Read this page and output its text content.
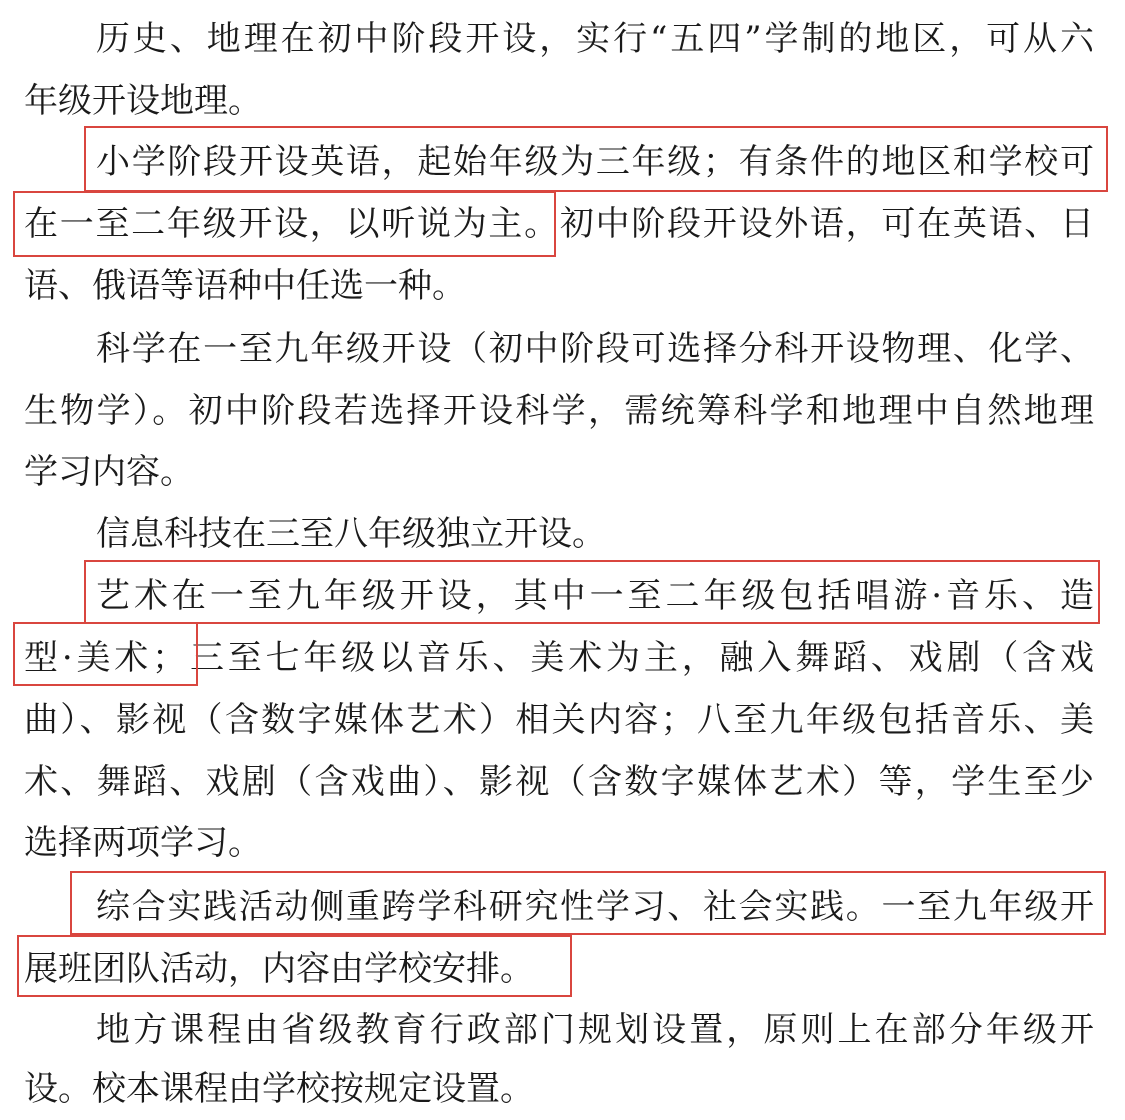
历史、地理在初中阶段开设，实行“五四”学制的地区，可从六
年级开设地理。
小学阶段开设英语，起始年级为三年级；有条件的地区和学校可
在一至二年级开设，以听说为主。初中阶段开设外语，可在英语、日
语、俄语等语种中任选一种。
科学在一至九年级开设（初中阶段可选择分科开设物理、化学、
生物学）。初中阶段若选择开设科学，需统筹科学和地理中自然地理
学习内容。
信息科技在三至八年级独立开设。
艺术在一至九年级开设，其中一至二年级包括唱游·音乐、造
型·美术；三至七年级以音乐、美术为主，融入舞蹈、戏剧（含戏
曲）、影视（含数字媒体艺术）相关内容；八至九年级包括音乐、美
术、舞蹈、戏剧（含戏曲）、影视（含数字媒体艺术）等，学生至少
选择两项学习。
综合实践活动侧重跨学科研究性学习、社会实践。一至九年级开
展班团队活动，内容由学校安排。
地方课程由省级教育行政部门规划设置，原则上在部分年级开
设。校本课程由学校按规定设置。
